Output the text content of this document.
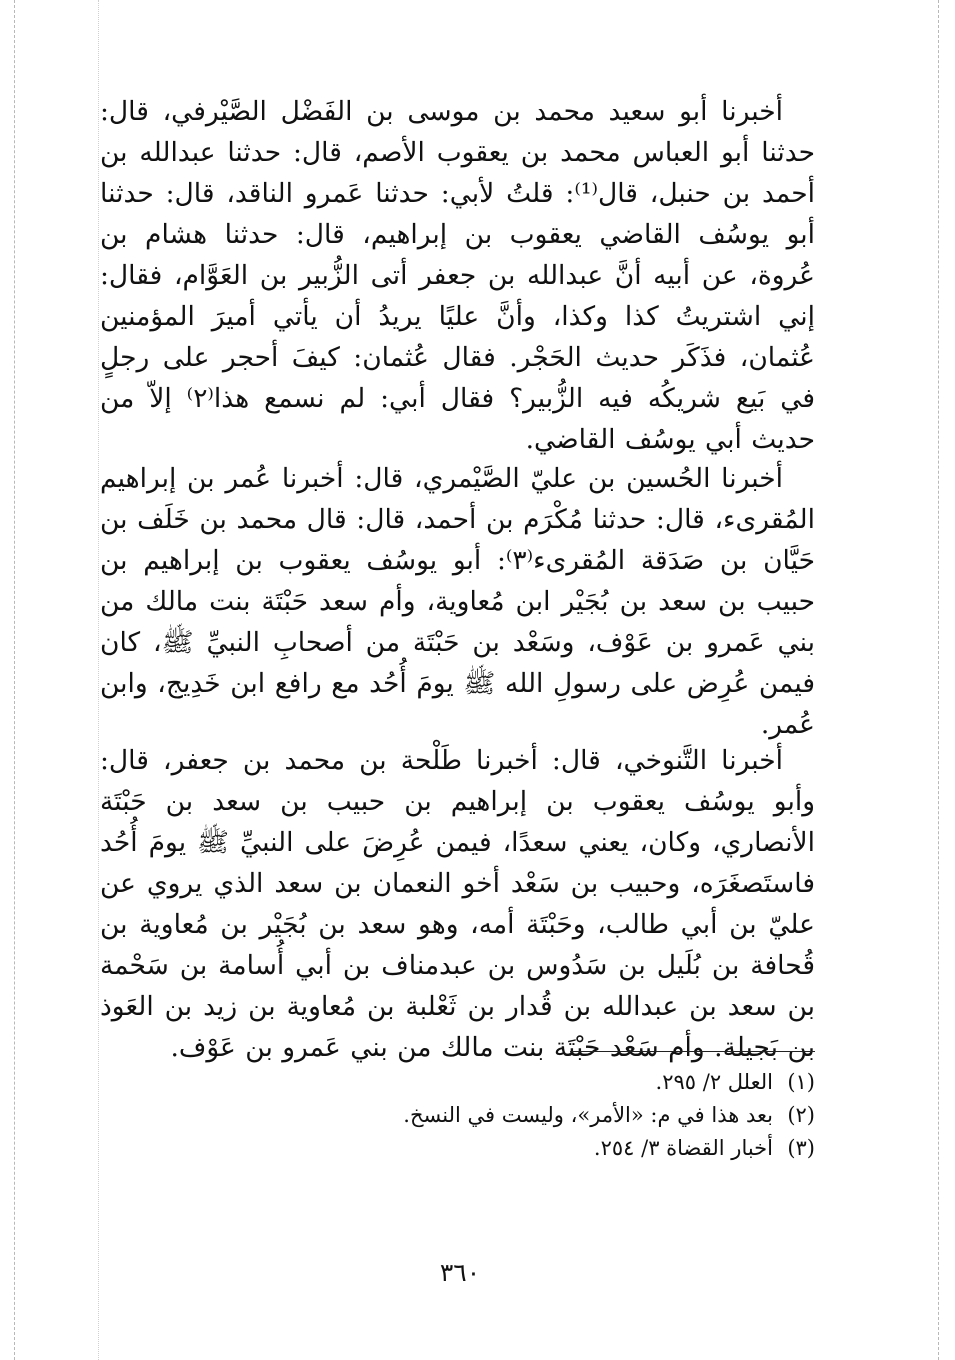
أخبرنا أبو سعيد محمد بن موسى بن الفَضْل الصَّيْرفي، قال: حدثنا أبو العباس محمد بن يعقوب الأصم، قال: حدثنا عبدالله بن أحمد بن حنبل، قال⁽¹⁾: قلتُ لأبي: حدثنا عَمرو الناقد، قال: حدثنا أبو يوسُف القاضي يعقوب بن إبراهيم، قال: حدثنا هشام بن عُروة، عن أبيه أنَّ عبدالله بن جعفر أتى الزُّبير بن العَوَّام، فقال: إني اشتريتُ كذا وكذا، وأنَّ عليًا يريدُ أن يأتي أميرَ المؤمنين عُثمان، فذَكَر حديث الحَجْر. فقال عُثمان: كيفَ أحجر على رجلٍ في بَيع شريكُه فيه الزُّبير؟ فقال أبي: لم نسمع هذا⁽٢⁾ إلاّ من حديث أبي يوسُف القاضي.

أخبرنا الحُسين بن عليّ الصَّيْمري، قال: أخبرنا عُمر بن إبراهيم المُقرىء، قال: حدثنا مُكْرَم بن أحمد، قال: قال محمد بن خَلَف بن حَيَّان بن صَدَقة المُقرىء⁽٣⁾: أبو يوسُف يعقوب بن إبراهيم بن حبيب بن سعد بن بُجَيْر ابن مُعاوية، وأم سعد حَبْتَة بنت مالك من بني عَمرو بن عَوْف، وسَعْد بن حَبْتَة من أصحابِ النبيِّ ﷺ، كان فيمن عُرِض على رسولِ الله ﷺ يومَ أُحُد مع رافع ابن خَدِيج، وابن عُمر.

أخبرنا التَّنوخي، قال: أخبرنا طَلْحة بن محمد بن جعفر، قال: وأبو يوسُف يعقوب بن إبراهيم بن حبيب بن سعد بن حَبْتَة الأنصاري، وكان، يعني سعدًا، فيمن عُرِضَ على النبيِّ ﷺ يومَ أُحُد فاستَصغَرَه، وحبيب بن سَعْد أخو النعمان بن سعد الذي يروي عن عليّ بن أبي طالب، وحَبْتَة أمه، وهو سعد بن بُجَيْر بن مُعاوية بن قُحافة بن بُلَيل بن سَدُوس بن عبدمناف بن أبي أُسامة بن سَحْمة بن سعد بن عبدالله بن قُدار بن ثَعْلبة بن مُعاوية بن زيد بن العَوذ بن بَجيلة. وأم سَعْد حَبْتَة بنت مالك من بني عَمرو بن عَوْف.

(١)
العلل ٢/ ٢٩٥.
(٢)
بعد هذا في م: «الأمر»، وليست في النسخ.
(٣)
أخبار القضاة ٣/ ٢٥٤.
٣٦٠
